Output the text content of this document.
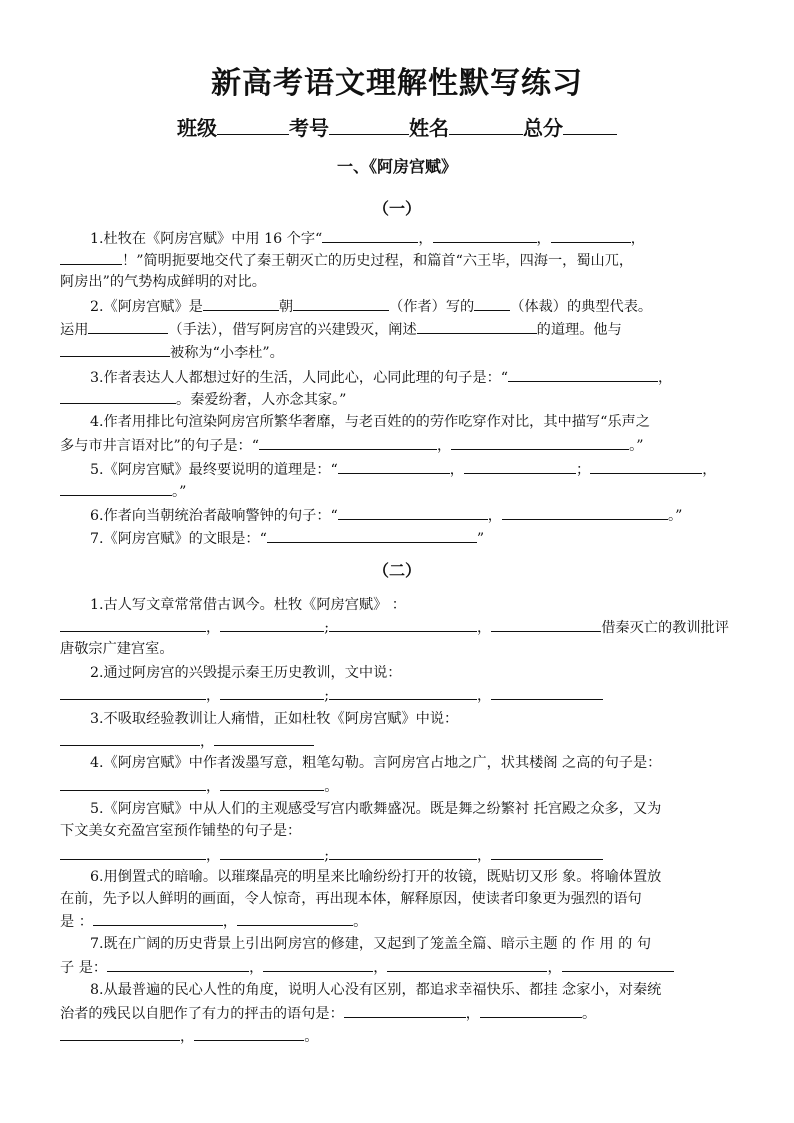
新高考语文理解性默写练习
班级	考号	姓名	总分
一、《阿房宫赋》
（一）
1.杜牧在《阿房宫赋》中用 16 个字“	，	，	，
！”简明扼要地交代了秦王朝灭亡的历史过程，和篇首“六王毕，四海一，蜀山兀，
阿房出”的气势构成鲜明的对比。
2.《阿房宫赋》是	朝	（作者）写的	（体裁）的典型代表。
运用	（手法），借写阿房宫的兴建毁灭，阐述	的道理。他与
被称为“小李杜”。
3.作者表达人人都想过好的生活，人同此心，心同此理的句子是：“	，
。秦爱纷奢，人亦念其家。”
4.作者用排比句渲染阿房宫所繁华奢靡，与老百姓的的劳作吃穿作对比，其中描写“乐声之
多与市井言语对比”的句子是：“	，	。”
5.《阿房宫赋》最终要说明的道理是：“	，	；	，
。”
6.作者向当朝统治者敲响警钟的句子：“	，	。”
7.《阿房宫赋》的文眼是：“	”
（二）
1.古人写文章常常借古讽今。杜牧《阿房宫赋》 ：
，	;	，	借秦灭亡的教训批评
唐敬宗广建宫室。
2.通过阿房宫的兴毁提示秦王历史教训，文中说：
，	;	，
3.不吸取经验教训让人痛惜，正如杜牧《阿房宫赋》中说：
，
4.《阿房宫赋》中作者泼墨写意，粗笔勾勒。言阿房宫占地之广，状其楼阁 之高的句子是：
，	。
5.《阿房宫赋》中从人们的主观感受写宫内歌舞盛况。既是舞之纷繁衬 托宫殿之众多，又为
下文美女充盈宫室预作铺垫的句子是：
，	;	，
6.用倒置式的暗喻。以璀璨晶亮的明星来比喻纷纷打开的妆镜，既贴切又形 象。将喻体置放
在前，先予以人鲜明的画面，令人惊奇，再出现本体，解释原因，使读者印象更为强烈的语句
是 ：	，	。
7.既在广阔的历史背景上引出阿房宫的修建，又起到了笼盖全篇、暗示主题 的 作 用 的 句
子 是：	，	，	，
8.从最普遍的民心人性的角度，说明人心没有区别，都追求幸福快乐、都挂 念家小，对秦统
治者的残民以自肥作了有力的抨击的语句是：	，	。
，	。
